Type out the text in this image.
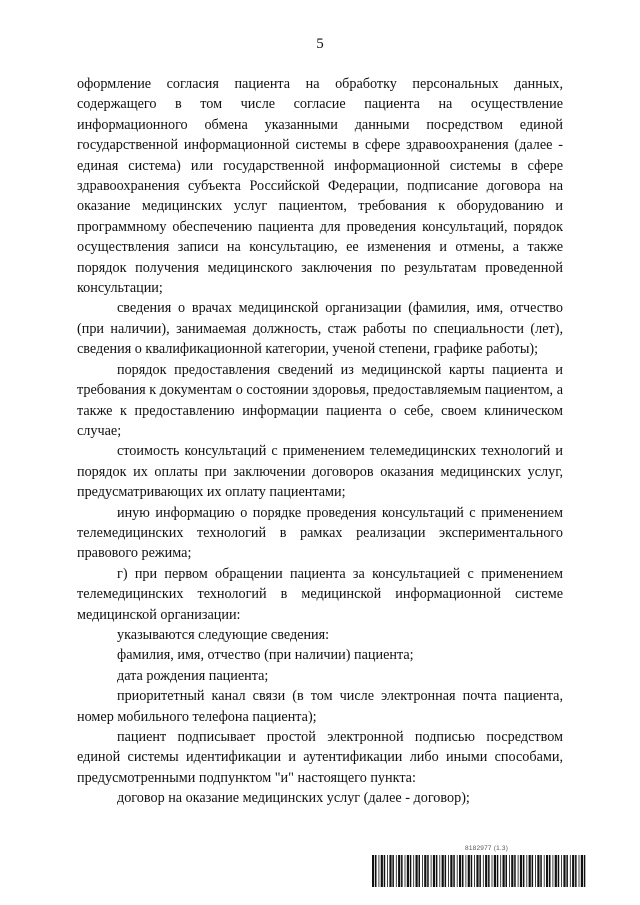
5

оформление согласия пациента на обработку персональных данных, содержащего в том числе согласие пациента на осуществление информационного обмена указанными данными посредством единой государственной информационной системы в сфере здравоохранения (далее - единая система) или государственной информационной системы в сфере здравоохранения субъекта Российской Федерации, подписание договора на оказание медицинских услуг пациентом, требования к оборудованию и программному обеспечению пациента для проведения консультаций, порядок осуществления записи на консультацию, ее изменения и отмены, а также порядок получения медицинского заключения по результатам проведенной консультации;

сведения о врачах медицинской организации (фамилия, имя, отчество (при наличии), занимаемая должность, стаж работы по специальности (лет), сведения о квалификационной категории, ученой степени, графике работы);

порядок предоставления сведений из медицинской карты пациента и требования к документам о состоянии здоровья, предоставляемым пациентом, а также к предоставлению информации пациента о себе, своем клиническом случае;

стоимость консультаций с применением телемедицинских технологий и порядок их оплаты при заключении договоров оказания медицинских услуг, предусматривающих их оплату пациентами;

иную информацию о порядке проведения консультаций с применением телемедицинских технологий в рамках реализации экспериментального правового режима;

г) при первом обращении пациента за консультацией с применением телемедицинских технологий в медицинской информационной системе медицинской организации:

указываются следующие сведения:

фамилия, имя, отчество (при наличии) пациента;

дата рождения пациента;

приоритетный канал связи (в том числе электронная почта пациента, номер мобильного телефона пациента);

пациент подписывает простой электронной подписью посредством единой системы идентификации и аутентификации либо иными способами, предусмотренными подпунктом "и" настоящего пункта:

договор на оказание медицинских услуг (далее - договор);

8182977 (1.3)
